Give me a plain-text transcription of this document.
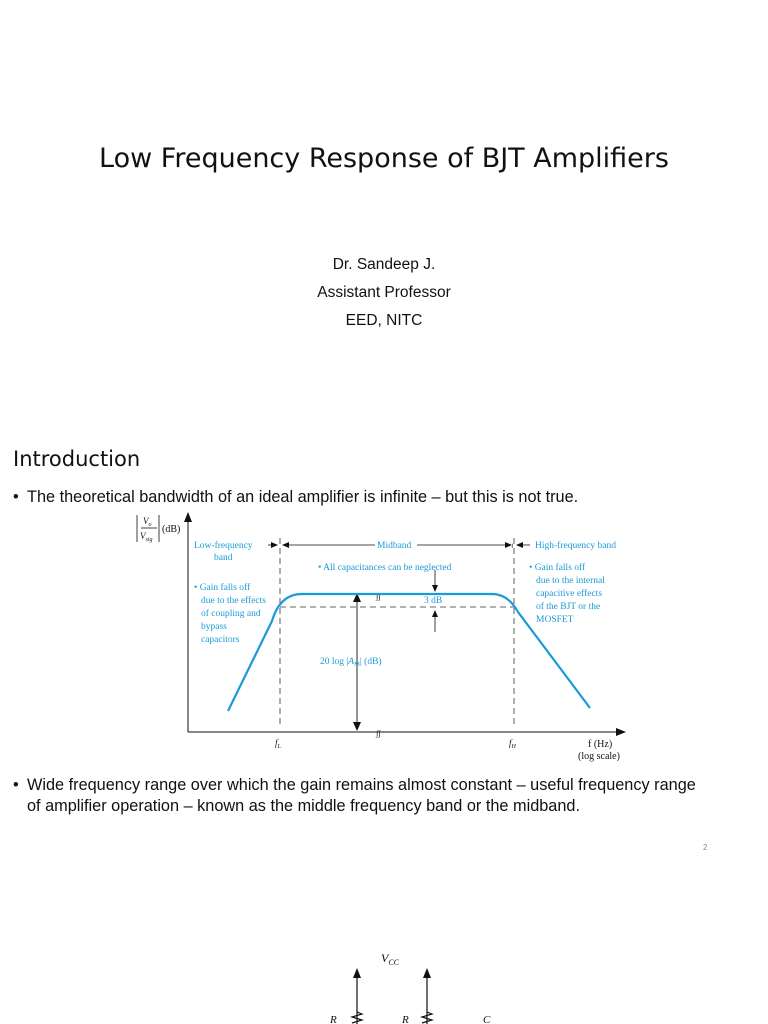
Low Frequency Response of BJT Amplifiers
Dr. Sandeep J.
Assistant Professor
EED, NITC
Introduction
• The theoretical bandwidth of an ideal amplifier is infinite – but this is not true.
$V_o$
$V_{sig}$
(dB)
≀
Low-frequency band
Midband	High-frequency band
• All capacitances can be neglected
• Gain falls off due to the effects of coupling and bypass capacitors
• Gain falls off due to the internal capacitive effects of the BJT or the MOSFET
3 dB
20 $\log |A_M|$ (dB)
∫∫
∫∫
$f_L$	$f_H$	f (Hz) (log scale)
• Wide frequency range over which the gain remains almost constant – useful frequency range
of amplifier operation – known as the middle frequency band or the midband.
2
$V_{CC}$
R	R	C
